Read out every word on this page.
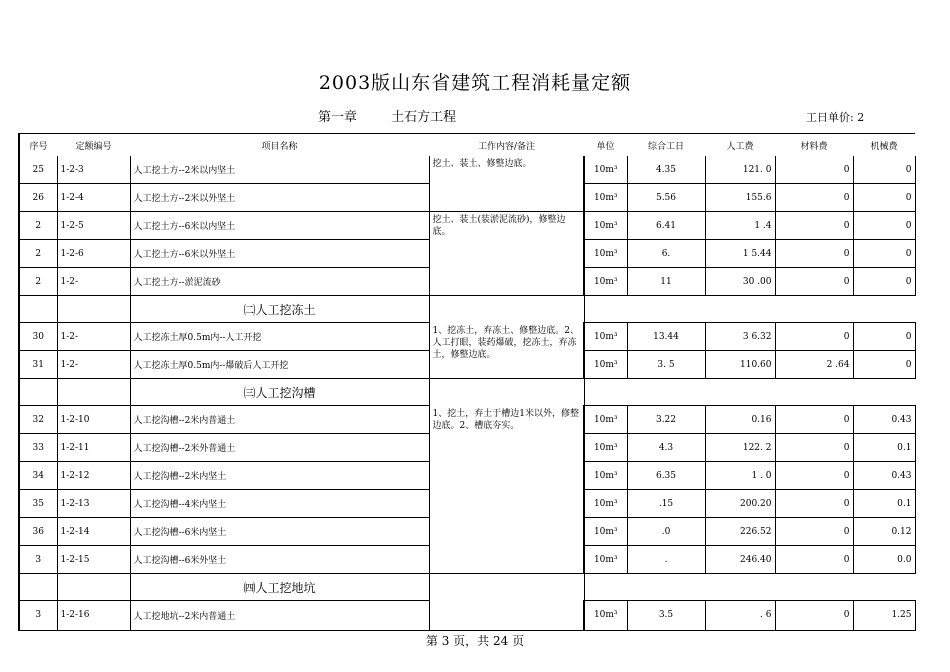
2003版山东省建筑工程消耗量定额
第一章	土石方工程	工日单价: 2
序号	定额编号	项目名称	工作内容/备注	单位	综合工日	人工费	材料费	机械费
25	1-2-3	人工挖土方--2米以内坚土	挖土、装土、修整边底。	10m³	4.35	121. 0	0	0
26	1-2-4	人工挖土方--2米以外坚土		10m³	5.56	155.6	0	0
2	1-2-5	人工挖土方--6米以内坚土	挖土、装土(装淤泥流砂)，修整边底。	10m³	6.41	1 .4	0	0
2	1-2-6	人工挖土方--6米以外坚土		10m³	6.	1 5.44	0	0
2	1-2-	人工挖土方--淤泥流砂		10m³	11	30 .00	0	0
		㈡人工挖冻土						
30	1-2-	人工挖冻土厚0.5m内--人工开挖	1、挖冻土，弃冻土、修整边底。2、人工打眼，装药爆破，挖冻土，弃冻土，修整边底。	10m³	13.44	3 6.32	0	0
31	1-2-	人工挖冻土厚0.5m内--爆破后人工开挖		10m³	3. 5	110.60	2 .64	0
		㈢人工挖沟槽						
32	1-2-10	人工挖沟槽--2米内普通土	1、挖土，弃土于槽边1米以外，修整边底。2、槽底夯实。	10m³	3.22	0.16	0	0.43
33	1-2-11	人工挖沟槽--2米外普通土		10m³	4.3	122. 2	0	0.1
34	1-2-12	人工挖沟槽--2米内坚土		10m³	6.35	1 . 0	0	0.43
35	1-2-13	人工挖沟槽--4米内坚土		10m³	.15	200.20	0	0.1
36	1-2-14	人工挖沟槽--6米内坚土		10m³	.0	226.52	0	0.12
3	1-2-15	人工挖沟槽--6米外坚土		10m³	.	246.40	0	0.0
		㈣人工挖地坑						
3	1-2-16	人工挖地坑--2米内普通土		10m³	3.5	. 6	0	1.25
第 3 页，共 24 页
